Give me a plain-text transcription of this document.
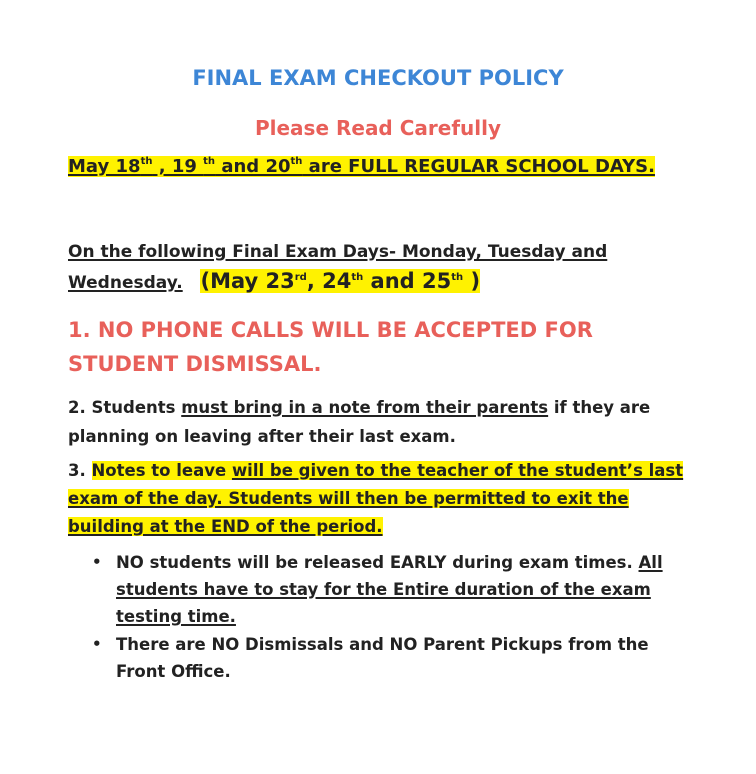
FINAL EXAM CHECKOUT POLICY
Please Read Carefully
May 18th , 19 $^{th}$ and 20th are FULL REGULAR SCHOOL DAYS.
On the following Final Exam Days- Monday, Tuesday and
Wednesday. (May 23rd, 24th and 25th )
1. NO PHONE CALLS WILL BE ACCEPTED FOR STUDENT DISMISSAL.
2. Students must bring in a note from their parents if they are planning on leaving after their last exam.
3. Notes to leave will be given to the teacher of the student’s last exam of the day. Students will then be permitted to exit the building at the END of the period.
• NO students will be released EARLY during exam times. All students have to stay for the Entire duration of the exam testing time.
• There are NO Dismissals and NO Parent Pickups from the Front Office.
